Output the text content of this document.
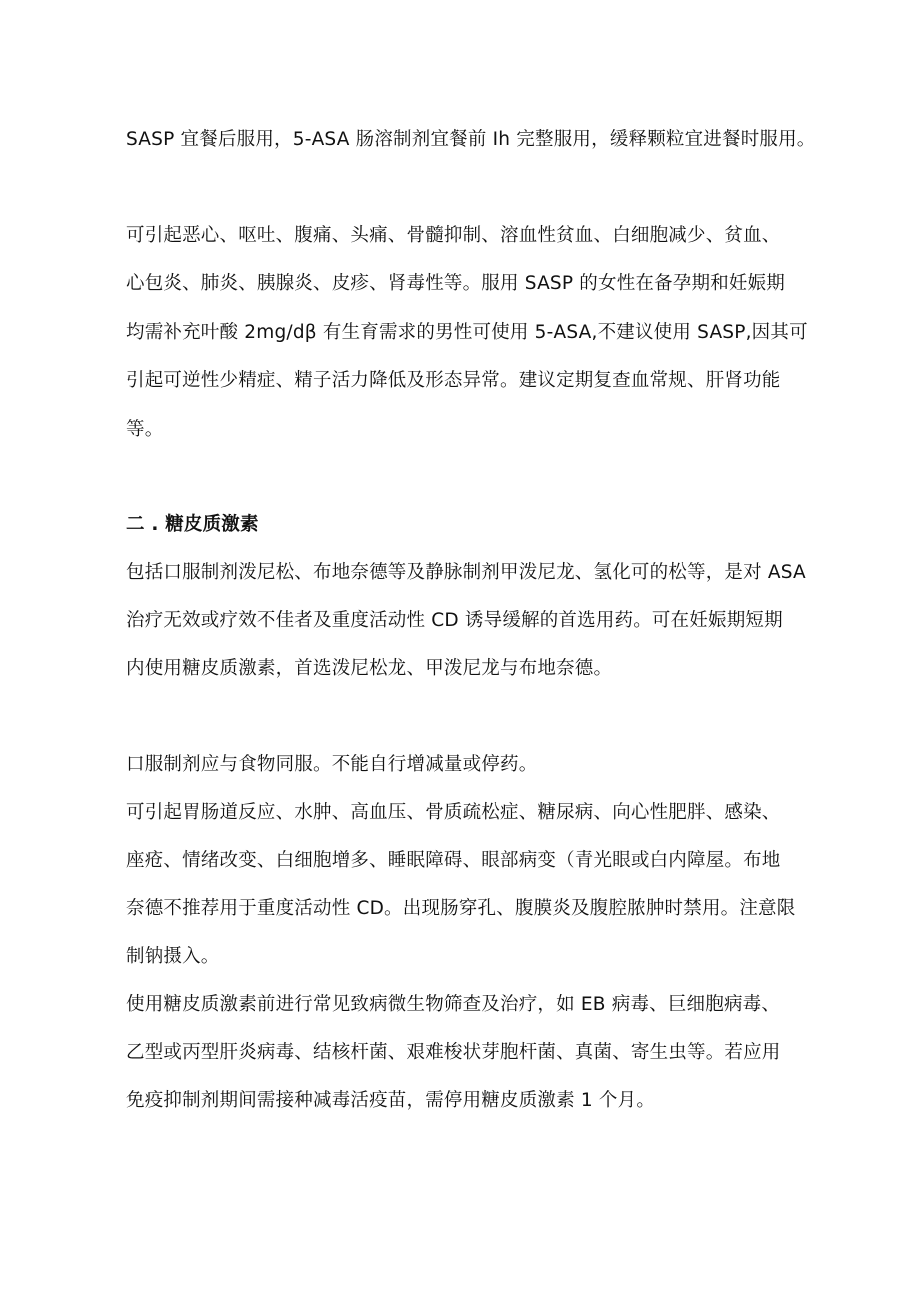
SASP 宜餐后服用，5-ASA 肠溶制剂宜餐前 Ih 完整服用，缓释颗粒宜进餐时服用。
可引起恶心、呕吐、腹痛、头痛、骨髓抑制、溶血性贫血、白细胞减少、贫血、
心包炎、肺炎、胰腺炎、皮疹、肾毒性等。服用 SASP 的女性在备孕期和妊娠期
均需补充叶酸 2mg∕dβ 有生育需求的男性可使用 5-ASA,不建议使用 SASP,因其可
引起可逆性少精症、精子活力降低及形态异常。建议定期复查血常规、肝肾功能
等。
二 . 糖皮质激素
包括口服制剂泼尼松、布地奈德等及静脉制剂甲泼尼龙、氢化可的松等，是对 ASA
治疗无效或疗效不佳者及重度活动性 CD 诱导缓解的首选用药。可在妊娠期短期
内使用糖皮质激素，首选泼尼松龙、甲泼尼龙与布地奈德。
口服制剂应与食物同服。不能自行增减量或停药。
可引起胃肠道反应、水肿、高血压、骨质疏松症、糖尿病、向心性肥胖、感染、
座疮、情绪改变、白细胞增多、睡眠障碍、眼部病变（青光眼或白内障屋。布地
奈德不推荐用于重度活动性 CD。出现肠穿孔、腹膜炎及腹腔脓肿时禁用。注意限
制钠摄入。
使用糖皮质激素前进行常见致病微生物筛查及治疗，如 EB 病毒、巨细胞病毒、
乙型或丙型肝炎病毒、结核杆菌、艰难梭状芽胞杆菌、真菌、寄生虫等。若应用
免疫抑制剂期间需接种减毒活疫苗，需停用糖皮质激素 1 个月。
